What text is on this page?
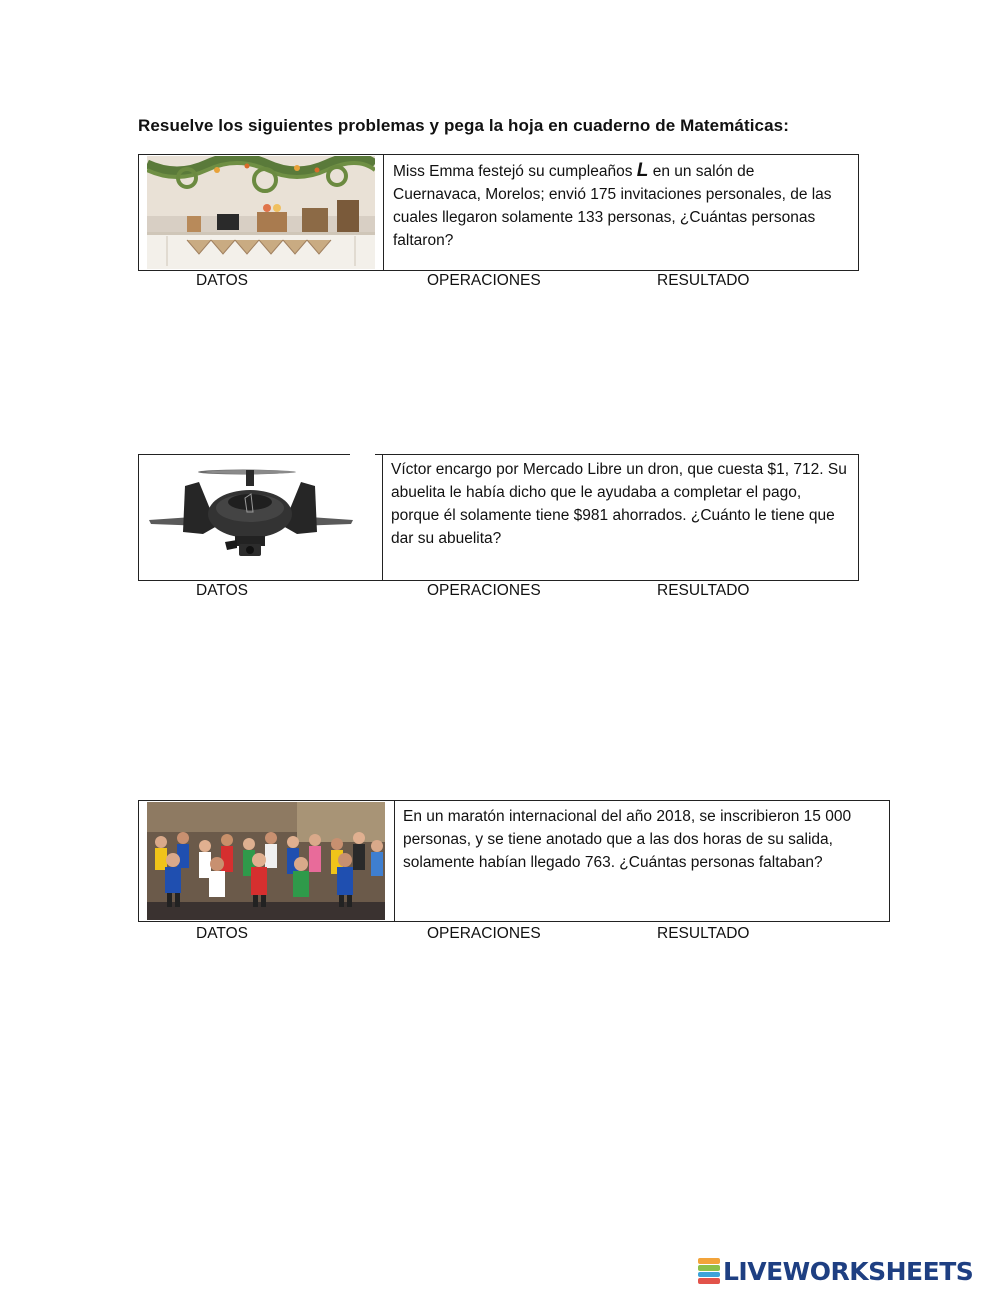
Resuelve los siguientes problemas y pega la hoja en cuaderno de Matemáticas:
Miss Emma festejó su cumpleaños L en un salón de Cuernavaca, Morelos; envió 175 invitaciones personales, de las cuales llegaron solamente 133 personas, ¿Cuántas personas faltaron?
DATOS	OPERACIONES	RESULTADO
Víctor encargo por Mercado Libre un dron, que cuesta $1, 712. Su abuelita le había dicho que le ayudaba a completar el pago, porque él solamente tiene $981 ahorrados. ¿Cuánto le tiene que dar su abuelita?
DATOS	OPERACIONES	RESULTADO
En un maratón internacional del año 2018, se inscribieron 15 000 personas, y se tiene anotado que a las dos horas de su salida, solamente habían llegado 763. ¿Cuántas personas faltaban?
DATOS	OPERACIONES	RESULTADO
LIVEWORKSHEETS
